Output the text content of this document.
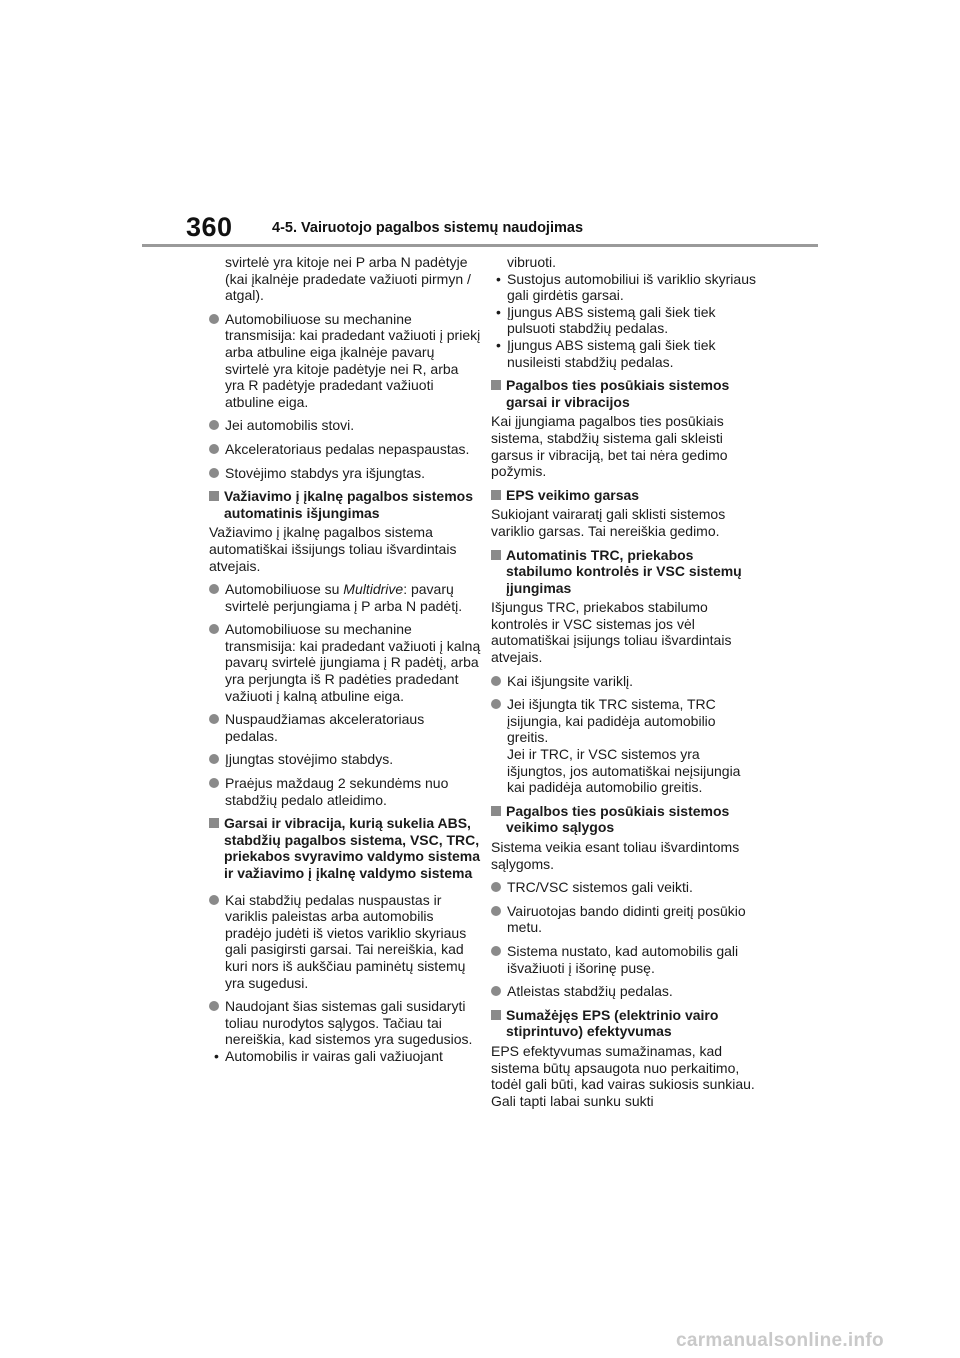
360	4-5. Vairuotojo pagalbos sistemų naudojimas
svirtelė yra kitoje nei P arba N padėtyje (kai įkalnėje pradedate važiuoti pirmyn / atgal).
Automobiliuose su mechanine transmisija: kai pradedant važiuoti į priekį arba atbuline eiga įkalnėje pavarų svirtelė yra kitoje padėtyje nei R, arba yra R padėtyje pradedant važiuoti atbuline eiga.
Jei automobilis stovi.
Akceleratoriaus pedalas nepaspaustas.
Stovėjimo stabdys yra išjungtas.
Važiavimo į įkalnę pagalbos sistemos automatinis išjungimas
Važiavimo į įkalnę pagalbos sistema automatiškai išsijungs toliau išvardintais atvejais.
Automobiliuose su Multidrive: pavarų svirtelė perjungiama į P arba N padėtį.
Automobiliuose su mechanine transmisija: kai pradedant važiuoti į kalną pavarų svirtelė įjungiama į R padėtį, arba yra perjungta iš R padėties pradedant važiuoti į kalną atbuline eiga.
Nuspaudžiamas akceleratoriaus pedalas.
Įjungtas stovėjimo stabdys.
Praėjus maždaug 2 sekundėms nuo stabdžių pedalo atleidimo.
Garsai ir vibracija, kurią sukelia ABS, stabdžių pagalbos sistema, VSC, TRC, priekabos svyravimo valdymo sistema ir važiavimo į įkalnę valdymo sistema
Kai stabdžių pedalas nuspaustas ir variklis paleistas arba automobilis pradėjo judėti iš vietos variklio skyriaus gali pasigirsti garsai. Tai nereiškia, kad kuri nors iš aukščiau paminėtų sistemų yra sugedusi.
Naudojant šias sistemas gali susidaryti toliau nurodytos sąlygos. Tačiau tai nereiškia, kad sistemos yra sugedusios.
• Automobilis ir vairas gali važiuojant
vibruoti.
• Sustojus automobiliui iš variklio skyriaus gali girdėtis garsai.
• Įjungus ABS sistemą gali šiek tiek pulsuoti stabdžių pedalas.
• Įjungus ABS sistemą gali šiek tiek nusileisti stabdžių pedalas.
Pagalbos ties posūkiais sistemos garsai ir vibracijos
Kai įjungiama pagalbos ties posūkiais sistema, stabdžių sistema gali skleisti garsus ir vibraciją, bet tai nėra gedimo požymis.
EPS veikimo garsas
Sukiojant vairaratį gali sklisti sistemos variklio garsas. Tai nereiškia gedimo.
Automatinis TRC, priekabos stabilumo kontrolės ir VSC sistemų įjungimas
Išjungus TRC, priekabos stabilumo kontrolės ir VSC sistemas jos vėl automatiškai įsijungs toliau išvardintais atvejais.
Kai išjungsite variklį.
Jei išjungta tik TRC sistema, TRC įsijungia, kai padidėja automobilio greitis.
Jei ir TRC, ir VSC sistemos yra išjungtos, jos automatiškai neįsijungia kai padidėja automobilio greitis.
Pagalbos ties posūkiais sistemos veikimo sąlygos
Sistema veikia esant toliau išvardintoms sąlygoms.
TRC/VSC sistemos gali veikti.
Vairuotojas bando didinti greitį posūkio metu.
Sistema nustato, kad automobilis gali išvažiuoti į išorinę pusę.
Atleistas stabdžių pedalas.
Sumažėjęs EPS (elektrinio vairo stiprintuvo) efektyvumas
EPS efektyvumas sumažinamas, kad sistema būtų apsaugota nuo perkaitimo, todėl gali būti, kad vairas sukiosis sunkiau. Gali tapti labai sunku sukti
carmanualsonline.info
